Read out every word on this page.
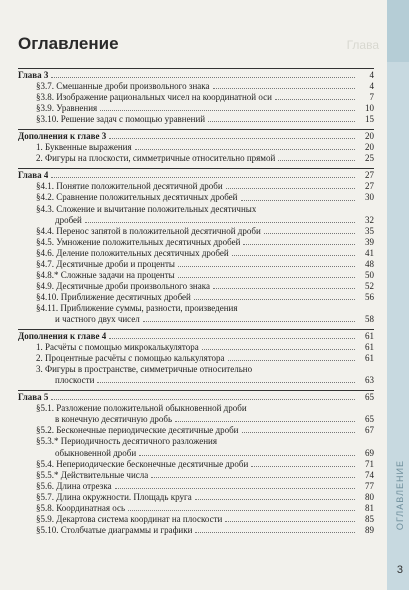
ОГЛАВЛЕНИЕ
3
Глава
Оглавление
Глава 3	4
§3.7. Смешанные дроби произвольного знака	4
§3.8. Изображение рациональных чисел на координатной оси	7
§3.9. Уравнения	10
§3.10. Решение задач с помощью уравнений	15
Дополнения к главе 3	20
1. Буквенные выражения	20
2. Фигуры на плоскости, симметричные относительно прямой	25
Глава 4	27
§4.1. Понятие положительной десятичной дроби	27
§4.2. Сравнение положительных десятичных дробей	30
§4.3. Сложение и вычитание положительных десятичных
дробей	32
§4.4. Перенос запятой в положительной десятичной дроби	35
§4.5. Умножение положительных десятичных дробей	39
§4.6. Деление положительных десятичных дробей	41
§4.7. Десятичные дроби и проценты	48
§4.8.* Сложные задачи на проценты	50
§4.9. Десятичные дроби произвольного знака	52
§4.10. Приближение десятичных дробей	56
§4.11. Приближение суммы, разности, произведения
и частного двух чисел	58
Дополнения к главе 4	61
1. Расчёты с помощью микрокалькулятора	61
2. Процентные расчёты с помощью калькулятора	61
3. Фигуры в пространстве, симметричные относительно
плоскости	63
Глава 5	65
§5.1. Разложение положительной обыкновенной дроби
в конечную десятичную дробь	65
§5.2. Бесконечные периодические десятичные дроби	67
§5.3.* Периодичность десятичного разложения
обыкновенной дроби	69
§5.4. Непериодические бесконечные десятичные дроби	71
§5.5.* Действительные числа	74
§5.6. Длина отрезка	77
§5.7. Длина окружности. Площадь круга	80
§5.8. Координатная ось	81
§5.9. Декартова система координат на плоскости	85
§5.10. Столбчатые диаграммы и графики	89
